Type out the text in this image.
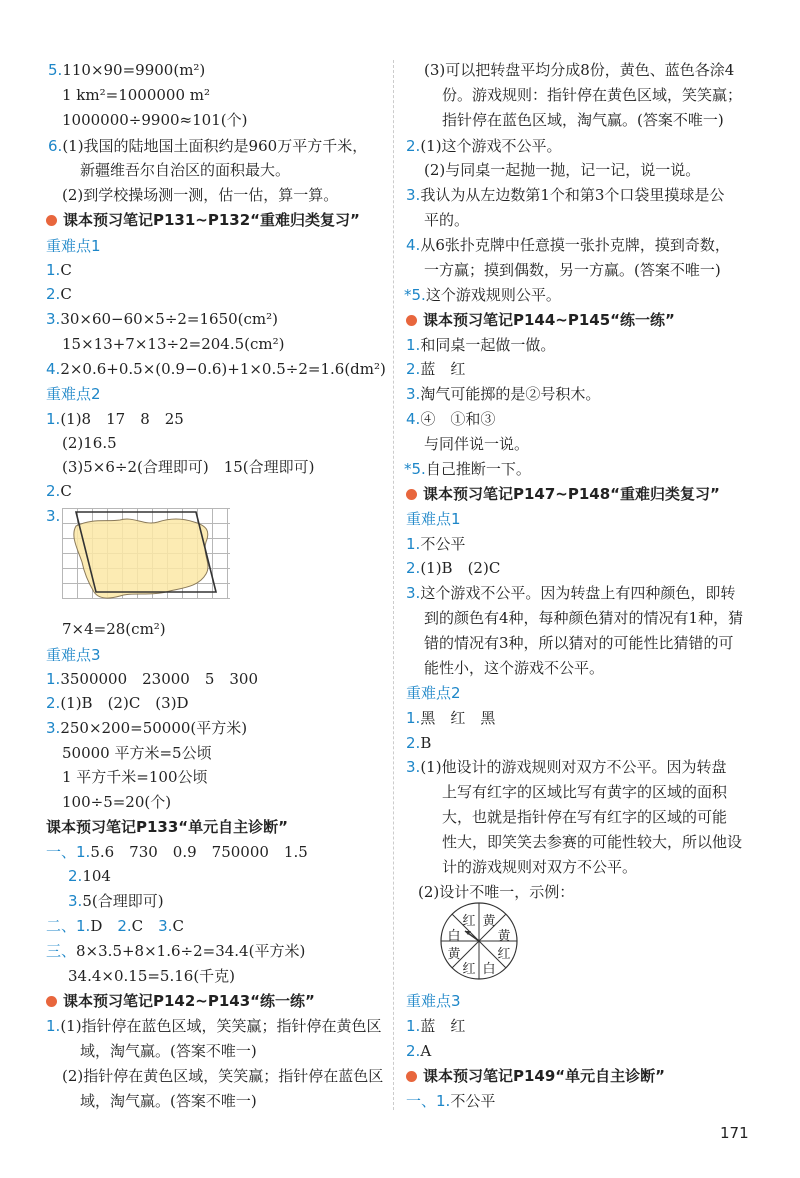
5.110×90=9900(m²)
1 km²=1000000 m²
1000000÷9900≈101(个)
6.(1)我国的陆地国土面积约是960万平方千米，
新疆维吾尔自治区的面积最大。
(2)到学校操场测一测，估一估，算一算。
课本预习笔记P131~P132“重难归类复习”
重难点1
1.C
2.C
3.30×60−60×5÷2=1650(cm²)
15×13+7×13÷2=204.5(cm²)
4.2×0.6+0.5×(0.9−0.6)+1×0.5÷2=1.6(dm²)
重难点2
1.(1)8　17　8　25
(2)16.5
(3)5×6÷2(合理即可)　15(合理即可)
2.C
3.
7×4=28(cm²)
重难点3
1.3500000　23000　5　300
2.(1)B　(2)C　(3)D
3.250×200=50000(平方米)
50000 平方米=5公顷
1 平方千米=100公顷
100÷5=20(个)
课本预习笔记P133“单元自主诊断”
一、1.5.6　730　0.9　750000　1.5
2.104
3.5(合理即可)
二、1.D　2.C　3.C
三、8×3.5+8×1.6÷2=34.4(平方米)
34.4×0.15=5.16(千克)
课本预习笔记P142~P143“练一练”
1.(1)指针停在蓝色区域，笑笑赢；指针停在黄色区
域，淘气赢。(答案不唯一)
(2)指针停在黄色区域，笑笑赢；指针停在蓝色区
域，淘气赢。(答案不唯一)
(3)可以把转盘平均分成8份，黄色、蓝色各涂4
份。游戏规则：指针停在黄色区域，笑笑赢；
指针停在蓝色区域，淘气赢。(答案不唯一)
2.(1)这个游戏不公平。
(2)与同桌一起抛一抛，记一记，说一说。
3.我认为从左边数第1个和第3个口袋里摸球是公
平的。
4.从6张扑克牌中任意摸一张扑克牌，摸到奇数，
一方赢；摸到偶数，另一方赢。(答案不唯一)
*5.这个游戏规则公平。
课本预习笔记P144~P145“练一练”
1.和同桌一起做一做。
2.蓝　红
3.淘气可能掷的是②号积木。
4.④　①和③
与同伴说一说。
*5.自己推断一下。
课本预习笔记P147~P148“重难归类复习”
重难点1
1.不公平
2.(1)B　(2)C
3.这个游戏不公平。因为转盘上有四种颜色，即转
到的颜色有4种，每种颜色猜对的情况有1种，猜
错的情况有3种，所以猜对的可能性比猜错的可
能性小，这个游戏不公平。
重难点2
1.黑　红　黑
2.B
3.(1)他设计的游戏规则对双方不公平。因为转盘
上写有红字的区域比写有黄字的区域的面积
大，也就是指针停在写有红字的区域的可能
性大，即笑笑去参赛的可能性较大，所以他设
计的游戏规则对双方不公平。
(2)设计不唯一，示例：
红 黄
黄
红
白
红
黄
白
重难点3
1.蓝　红
2.A
课本预习笔记P149“单元自主诊断”
一、1.不公平
171
